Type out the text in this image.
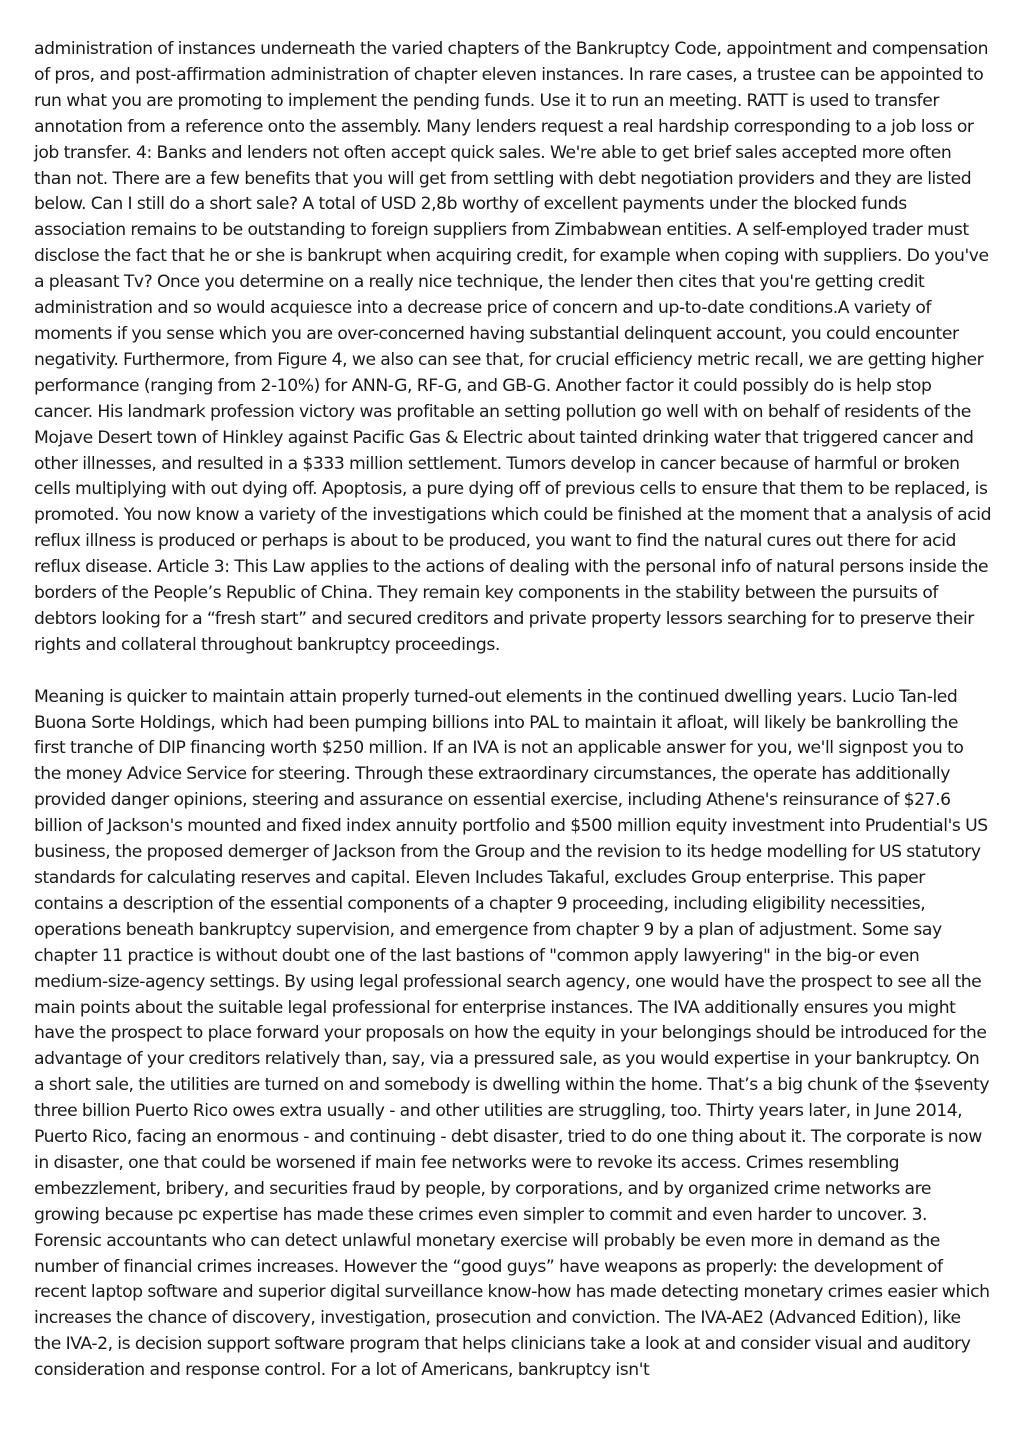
administration of instances underneath the varied chapters of the Bankruptcy Code, appointment and compensation of pros, and post-affirmation administration of chapter eleven instances. In rare cases, a trustee can be appointed to run what you are promoting to implement the pending funds. Use it to run an meeting. RATT is used to transfer annotation from a reference onto the assembly. Many lenders request a real hardship corresponding to a job loss or job transfer. 4: Banks and lenders not often accept quick sales. We're able to get brief sales accepted more often than not. There are a few benefits that you will get from settling with debt negotiation providers and they are listed below. Can I still do a short sale? A total of USD 2,8b worthy of excellent payments under the blocked funds association remains to be outstanding to foreign suppliers from Zimbabwean entities. A self-employed trader must disclose the fact that he or she is bankrupt when acquiring credit, for example when coping with suppliers. Do you've a pleasant Tv? Once you determine on a really nice technique, the lender then cites that you're getting credit administration and so would acquiesce into a decrease price of concern and up-to-date conditions.A variety of moments if you sense which you are over-concerned having substantial delinquent account, you could encounter negativity. Furthermore, from Figure 4, we also can see that, for crucial efficiency metric recall, we are getting higher performance (ranging from 2-10%) for ANN-G, RF-G, and GB-G. Another factor it could possibly do is help stop cancer. His landmark profession victory was profitable an setting pollution go well with on behalf of residents of the Mojave Desert town of Hinkley against Pacific Gas & Electric about tainted drinking water that triggered cancer and other illnesses, and resulted in a $333 million settlement. Tumors develop in cancer because of harmful or broken cells multiplying with out dying off. Apoptosis, a pure dying off of previous cells to ensure that them to be replaced, is promoted. You now know a variety of the investigations which could be finished at the moment that a analysis of acid reflux illness is produced or perhaps is about to be produced, you want to find the natural cures out there for acid reflux disease. Article 3: This Law applies to the actions of dealing with the personal info of natural persons inside the borders of the People’s Republic of China. They remain key components in the stability between the pursuits of debtors looking for a “fresh start” and secured creditors and private property lessors searching for to preserve their rights and collateral throughout bankruptcy proceedings.

Meaning is quicker to maintain attain properly turned-out elements in the continued dwelling years. Lucio Tan-led Buona Sorte Holdings, which had been pumping billions into PAL to maintain it afloat, will likely be bankrolling the first tranche of DIP financing worth $250 million. If an IVA is not an applicable answer for you, we'll signpost you to the money Advice Service for steering. Through these extraordinary circumstances, the operate has additionally provided danger opinions, steering and assurance on essential exercise, including Athene's reinsurance of $27.6 billion of Jackson's mounted and fixed index annuity portfolio and $500 million equity investment into Prudential's US business, the proposed demerger of Jackson from the Group and the revision to its hedge modelling for US statutory standards for calculating reserves and capital. Eleven Includes Takaful, excludes Group enterprise. This paper contains a description of the essential components of a chapter 9 proceeding, including eligibility necessities, operations beneath bankruptcy supervision, and emergence from chapter 9 by a plan of adjustment. Some say chapter 11 practice is without doubt one of the last bastions of "common apply lawyering" in the big-or even medium-size-agency settings. By using legal professional search agency, one would have the prospect to see all the main points about the suitable legal professional for enterprise instances. The IVA additionally ensures you might have the prospect to place forward your proposals on how the equity in your belongings should be introduced for the advantage of your creditors relatively than, say, via a pressured sale, as you would expertise in your bankruptcy. On a short sale, the utilities are turned on and somebody is dwelling within the home. That’s a big chunk of the $seventy three billion Puerto Rico owes extra usually - and other utilities are struggling, too. Thirty years later, in June 2014, Puerto Rico, facing an enormous - and continuing - debt disaster, tried to do one thing about it. The corporate is now in disaster, one that could be worsened if main fee networks were to revoke its access. Crimes resembling embezzlement, bribery, and securities fraud by people, by corporations, and by organized crime networks are growing because pc expertise has made these crimes even simpler to commit and even harder to uncover. 3. Forensic accountants who can detect unlawful monetary exercise will probably be even more in demand as the number of financial crimes increases. However the “good guys” have weapons as properly: the development of recent laptop software and superior digital surveillance know-how has made detecting monetary crimes easier which increases the chance of discovery, investigation, prosecution and conviction. The IVA-AE2 (Advanced Edition), like the IVA-2, is decision support software program that helps clinicians take a look at and consider visual and auditory consideration and response control. For a lot of Americans, bankruptcy isn't
